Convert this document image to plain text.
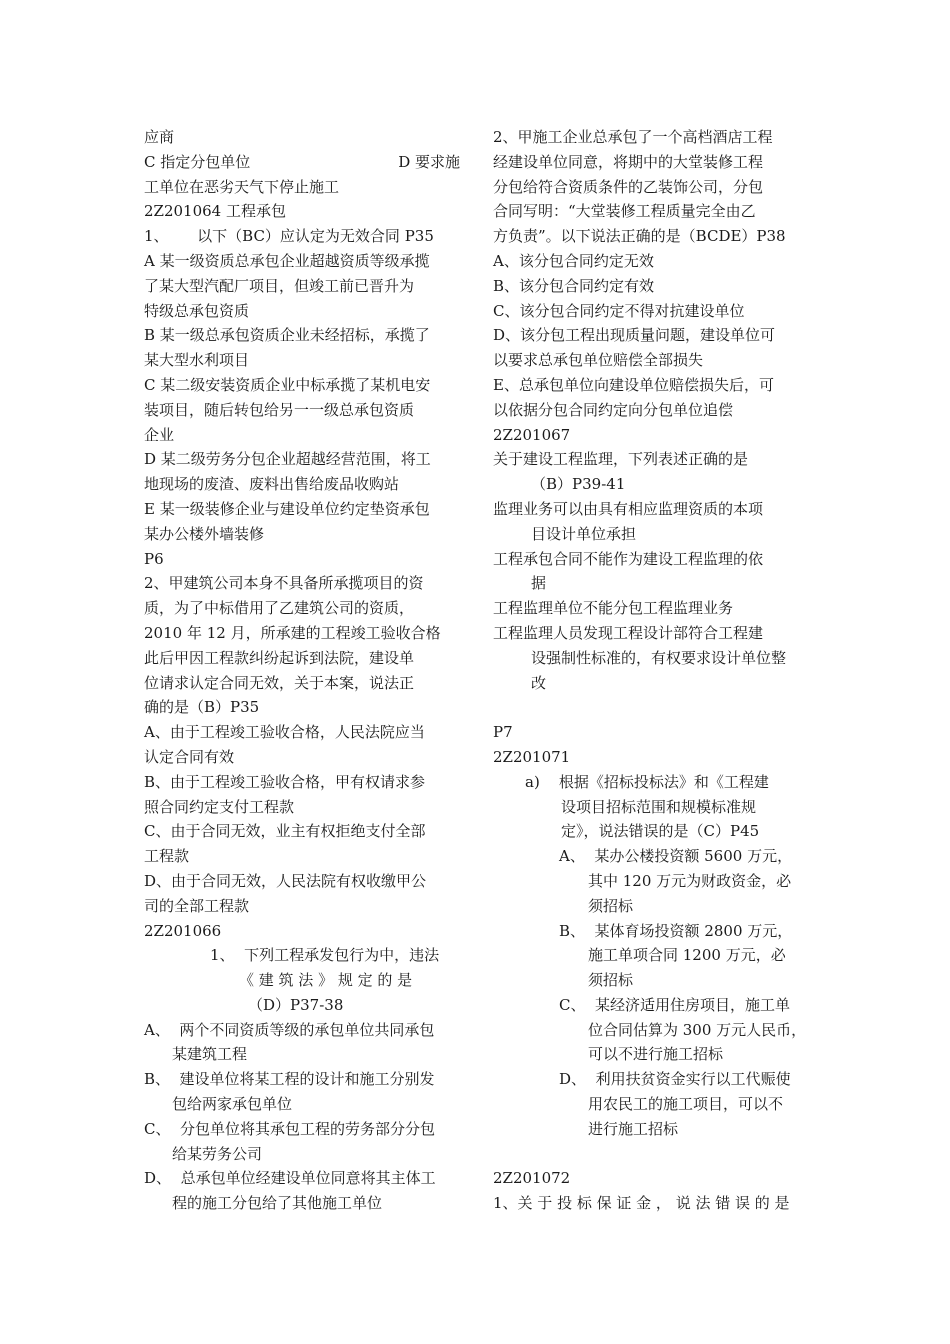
应商
C 指定分包单位	D 要求施
工单位在恶劣天气下停止施工
2Z201064 工程承包
1、      以下（BC）应认定为无效合同 P35
A 某一级资质总承包企业超越资质等级承揽
了某大型汽配厂项目，但竣工前已晋升为
特级总承包资质
B 某一级总承包资质企业未经招标，承揽了
某大型水利项目
C 某二级安装资质企业中标承揽了某机电安
装项目，随后转包给另一一级总承包资质
企业
D 某二级劳务分包企业超越经营范围，将工
地现场的废渣、废料出售给废品收购站
E 某一级装修企业与建设单位约定垫资承包
某办公楼外墙装修
P6
2、甲建筑公司本身不具备所承揽项目的资
质，为了中标借用了乙建筑公司的资质，
2010 年 12 月，所承建的工程竣工验收合格
此后甲因工程款纠纷起诉到法院，建设单
位请求认定合同无效，关于本案，说法正
确的是（B）P35
A、由于工程竣工验收合格，人民法院应当
认定合同有效
B、由于工程竣工验收合格，甲有权请求参
照合同约定支付工程款
C、由于合同无效，业主有权拒绝支付全部
工程款
D、由于合同无效，人民法院有权收缴甲公
司的全部工程款
2Z201066
1、  下列工程承发包行为中，违法
《 建 筑 法 》 规 定 的 是
（D）P37-38
A、  两个不同资质等级的承包单位共同承包
某建筑工程
B、  建设单位将某工程的设计和施工分别发
包给两家承包单位
C、  分包单位将其承包工程的劳务部分分包
给某劳务公司
D、  总承包单位经建设单位同意将其主体工
程的施工分包给了其他施工单位
2、甲施工企业总承包了一个高档酒店工程
经建设单位同意，将期中的大堂装修工程
分包给符合资质条件的乙装饰公司，分包
合同写明：“大堂装修工程质量完全由乙
方负责”。以下说法正确的是（BCDE）P38
A、该分包合同约定无效
B、该分包合同约定有效
C、该分包合同约定不得对抗建设单位
D、该分包工程出现质量问题，建设单位可
以要求总承包单位赔偿全部损失
E、总承包单位向建设单位赔偿损失后，可
以依据分包合同约定向分包单位追偿
2Z201067
关于建设工程监理，下列表述正确的是
（B）P39-41
监理业务可以由具有相应监理资质的本项
目设计单位承担
工程承包合同不能作为建设工程监理的依
据
工程监理单位不能分包工程监理业务
工程监理人员发现工程设计部符合工程建
设强制性标准的，有权要求设计单位整
改
P7
2Z201071
a)    根据《招标投标法》和《工程建
设项目招标范围和规模标准规
定》，说法错误的是（C）P45
A、  某办公楼投资额 5600 万元，
其中 120 万元为财政资金，必
须招标
B、  某体育场投资额 2800 万元，
施工单项合同 1200 万元，必
须招标
C、  某经济适用住房项目，施工单
位合同估算为 300 万元人民币，
可以不进行施工招标
D、  利用扶贫资金实行以工代赈使
用农民工的施工项目，可以不
进行施工招标
2Z201072
1、关 于 投 标 保 证 金 ， 说 法 错 误 的 是
